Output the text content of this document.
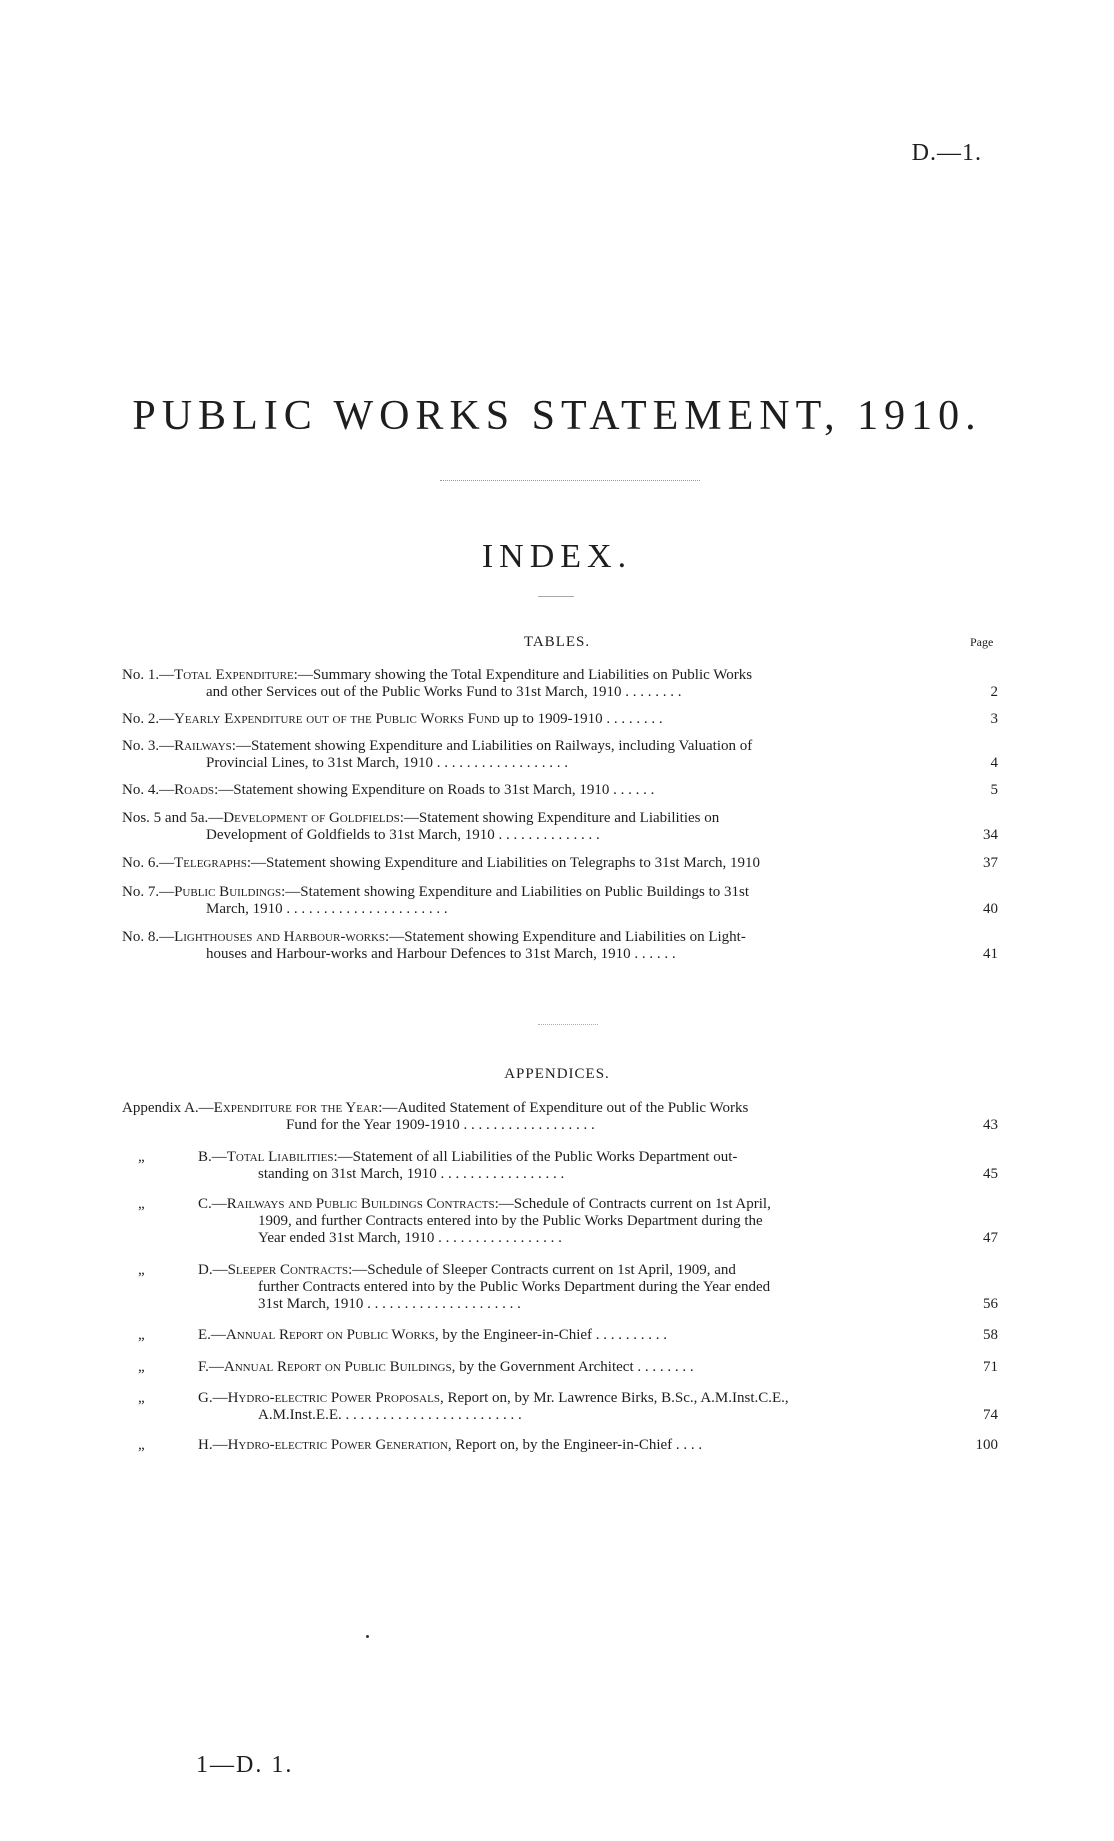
D.—1.
PUBLIC WORKS STATEMENT, 1910.
INDEX.
TABLES.	Page
No. 1.—Total Expenditure:—Summary showing the Total Expenditure and Liabilities on Public Works
and other Services out of the Public Works Fund to 31st March, 1910 . . . . . . . .	2
No. 2.—Yearly Expenditure out of the Public Works Fund up to 1909-1910 . . . . . . . .	3
No. 3.—Railways:—Statement showing Expenditure and Liabilities on Railways, including Valuation of
Provincial Lines, to 31st March, 1910 . . . . . . . . . . . . . . . . . .	4
No. 4.—Roads:—Statement showing Expenditure on Roads to 31st March, 1910 . . . . . .	5
Nos. 5 and 5a.—Development of Goldfields:—Statement showing Expenditure and Liabilities on
Development of Goldfields to 31st March, 1910 . . . . . . . . . . . . . .	34
No. 6.—Telegraphs:—Statement showing Expenditure and Liabilities on Telegraphs to 31st March, 1910	37
No. 7.—Public Buildings:—Statement showing Expenditure and Liabilities on Public Buildings to 31st
March, 1910 . . . . . . . . . . . . . . . . . . . . . .	40
No. 8.—Lighthouses and Harbour-works:—Statement showing Expenditure and Liabilities on Light-
houses and Harbour-works and Harbour Defences to 31st March, 1910 . . . . . .	41
APPENDICES.
Appendix A.—Expenditure for the Year:—Audited Statement of Expenditure out of the Public Works
Fund for the Year 1909-1910 . . . . . . . . . . . . . . . . . .	43
„	B.—Total Liabilities:—Statement of all Liabilities of the Public Works Department out-
standing on 31st March, 1910 . . . . . . . . . . . . . . . . .	45
„	C.—Railways and Public Buildings Contracts:—Schedule of Contracts current on 1st April,
1909, and further Contracts entered into by the Public Works Department during the
Year ended 31st March, 1910 . . . . . . . . . . . . . . . . .	47
„	D.—Sleeper Contracts:—Schedule of Sleeper Contracts current on 1st April, 1909, and
further Contracts entered into by the Public Works Department during the Year ended
31st March, 1910 . . . . . . . . . . . . . . . . . . . . .	56
„	E.—Annual Report on Public Works, by the Engineer-in-Chief . . . . . . . . . .	58
„	F.—Annual Report on Public Buildings, by the Government Architect . . . . . . . .	71
„	G.—Hydro-electric Power Proposals, Report on, by Mr. Lawrence Birks, B.Sc., A.M.Inst.C.E.,
A.M.Inst.E.E. . . . . . . . . . . . . . . . . . . . . . . . .	74
„	H.—Hydro-electric Power Generation, Report on, by the Engineer-in-Chief . . . .	100
1—D. 1.
